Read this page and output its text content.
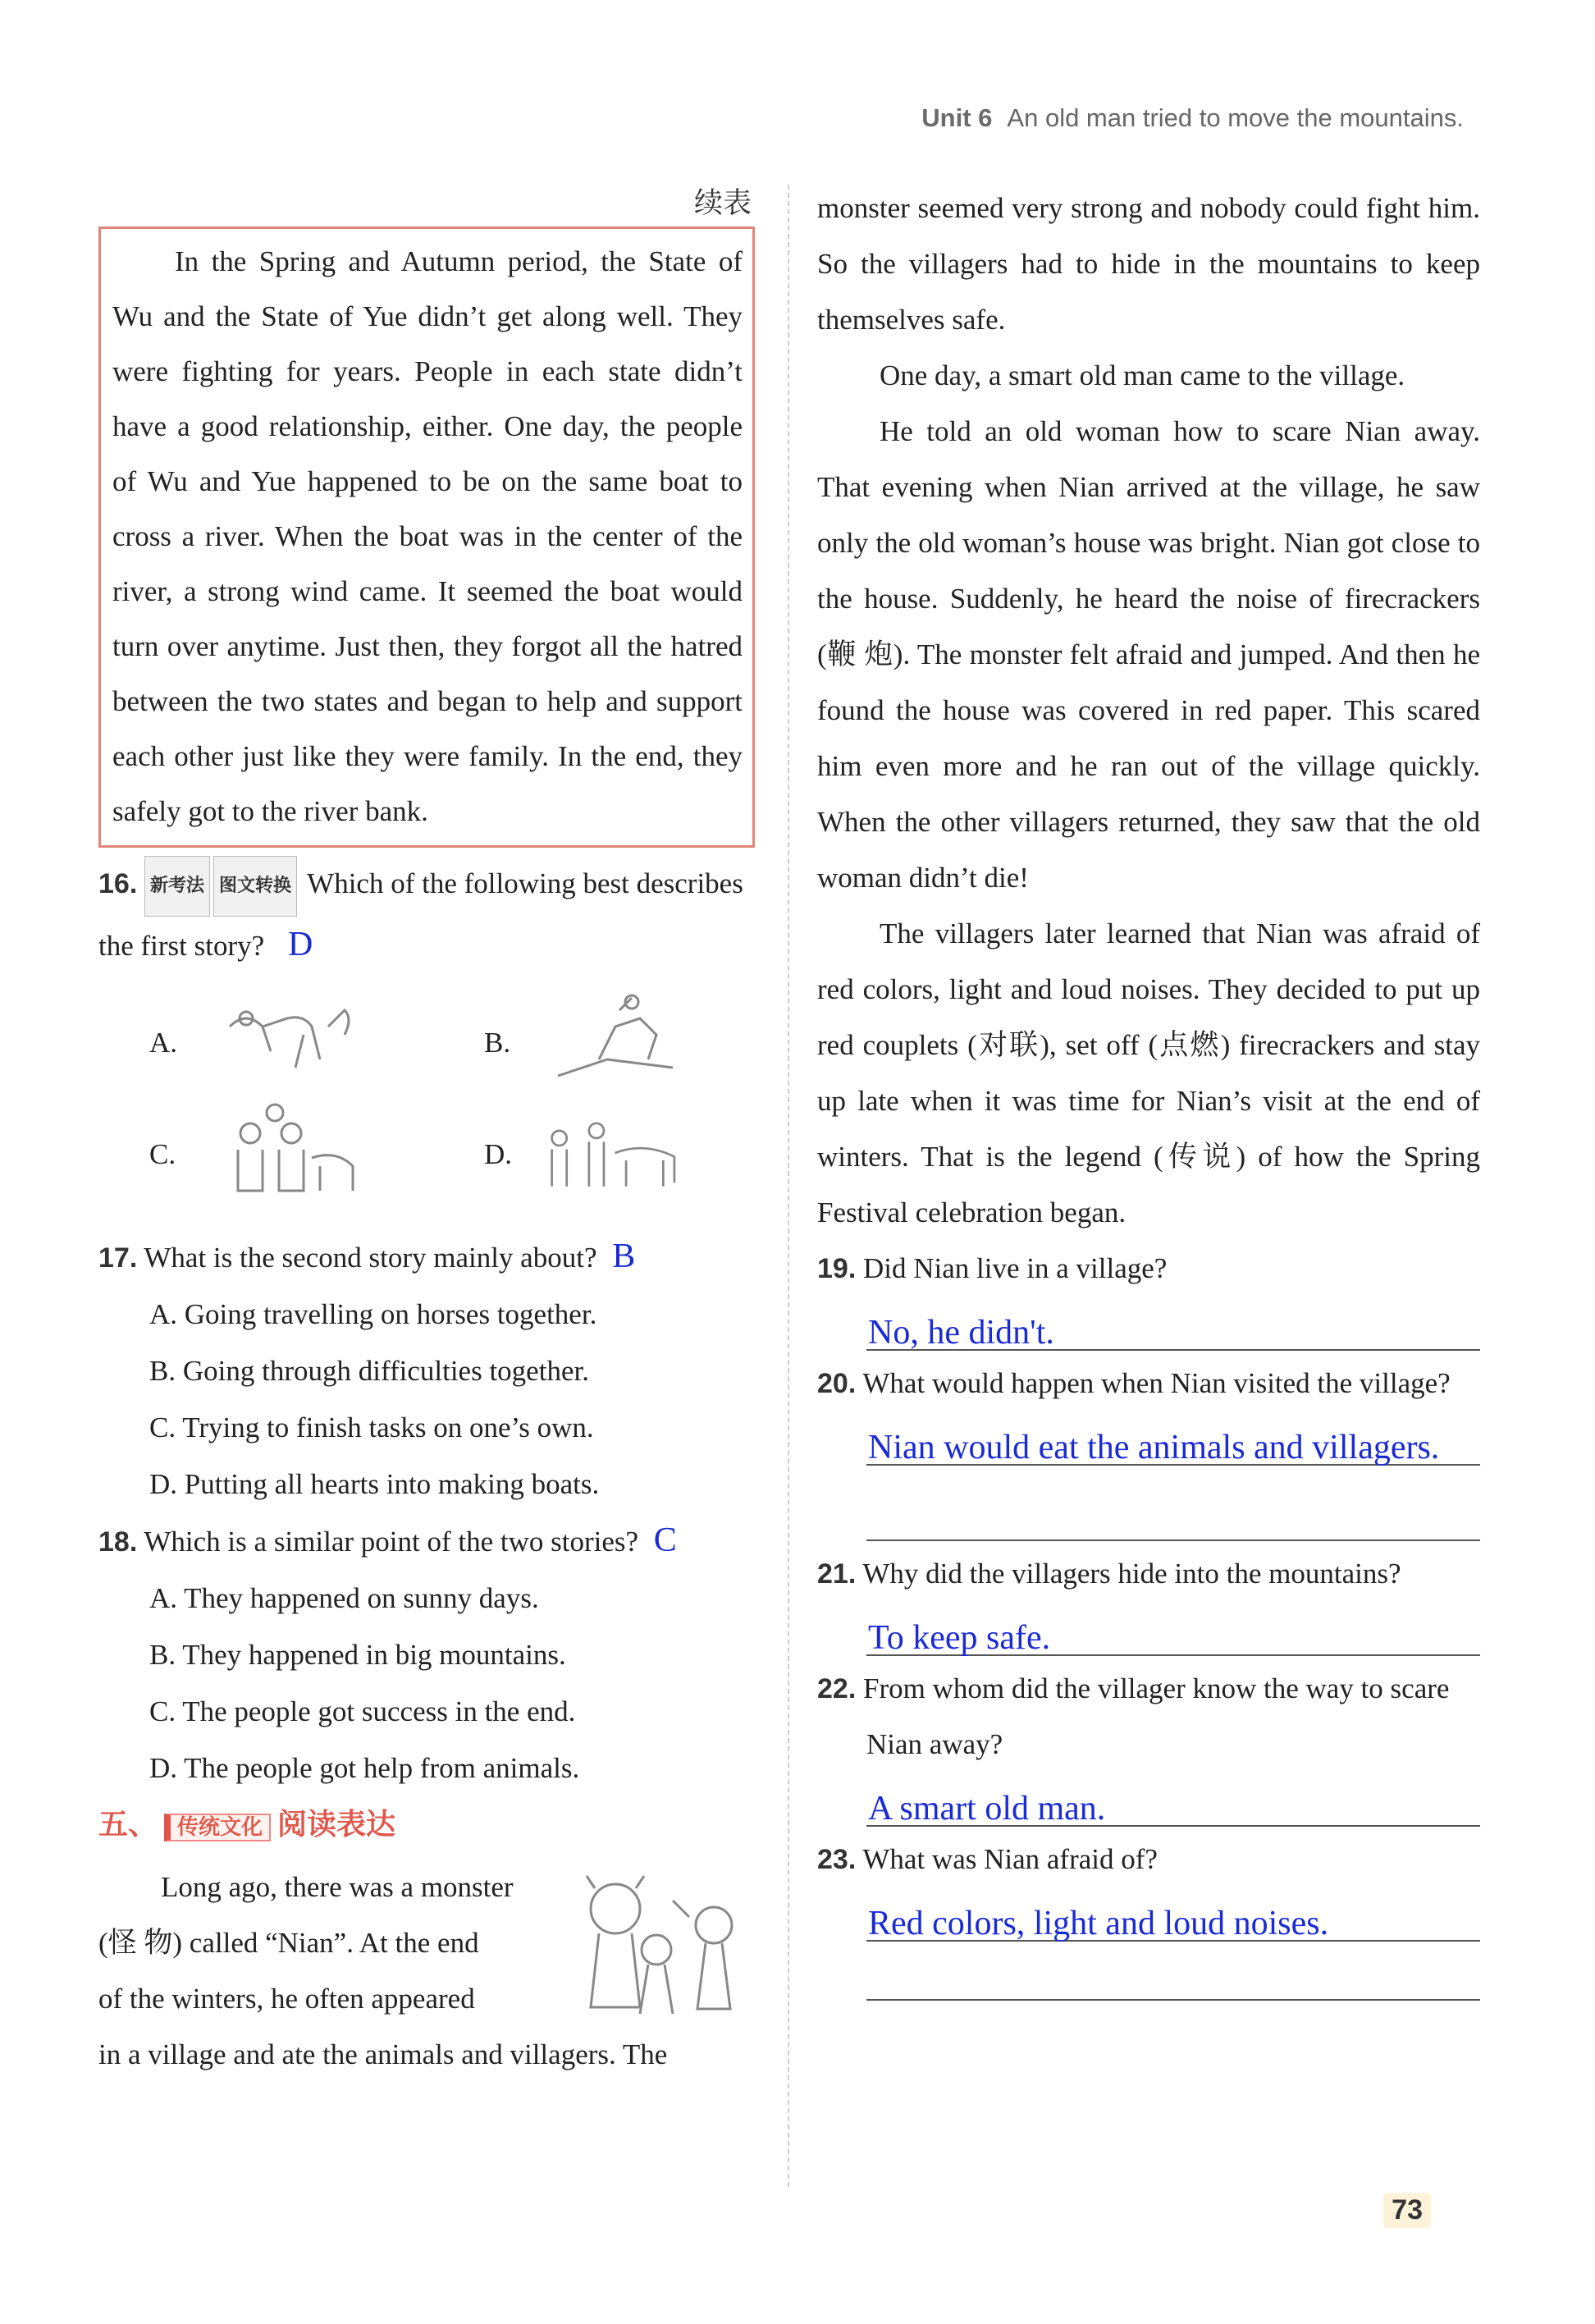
Unit 6 An old man tried to move the mountains.
续表

In the Spring and Autumn period, the State of Wu and the State of Yue didn’t get along well. They were fighting for years. People in each state didn’t have a good relationship, either. One day, the people of Wu and Yue happened to be on the same boat to cross a river. When the boat was in the center of the river, a strong wind came. It seemed the boat would turn over anytime. Just then, they forgot all the hatred between the two states and began to help and support each other just like they were family. In the end, they safely got to the river bank.

16. 新考法 图文转换 Which of the following best describes the first story? D
A.	B.
C.	D.
17. What is the second story mainly about? B
A. Going travelling on horses together.
B. Going through difficulties together.
C. Trying to finish tasks on one’s own.
D. Putting all hearts into making boats.
18. Which is a similar point of the two stories? C
A. They happened on sunny days.
B. They happened in big mountains.
C. The people got success in the end.
D. The people got help from animals.
五、 传统文化 阅读表达

Long ago, there was a monster

(怪 物) called “Nian”. At the end

of the winters, he often appeared

in a village and ate the animals and villagers. The

monster seemed very strong and nobody could fight him. So the villagers had to hide in the mountains to keep themselves safe.

One day, a smart old man came to the village.

He told an old woman how to scare Nian away. That evening when Nian arrived at the village, he saw only the old woman’s house was bright. Nian got close to the house. Suddenly, he heard the noise of firecrackers (鞭 炮). The monster felt afraid and jumped. And then he found the house was covered in red paper. This scared him even more and he ran out of the village quickly. When the other villagers returned, they saw that the old woman didn’t die!

The villagers later learned that Nian was afraid of red colors, light and loud noises. They decided to put up red couplets (对联), set off (点燃) firecrackers and stay up late when it was time for Nian’s visit at the end of winters. That is the legend (传说) of how the Spring Festival celebration began.

19. Did Nian live in a village?
No, he didn't.
20. What would happen when Nian visited the village?
Nian would eat the animals and villagers.
21. Why did the villagers hide into the mountains?
To keep safe.
22. From whom did the villager know the way to scare Nian away?
A smart old man.
23. What was Nian afraid of?
Red colors, light and loud noises.
73
